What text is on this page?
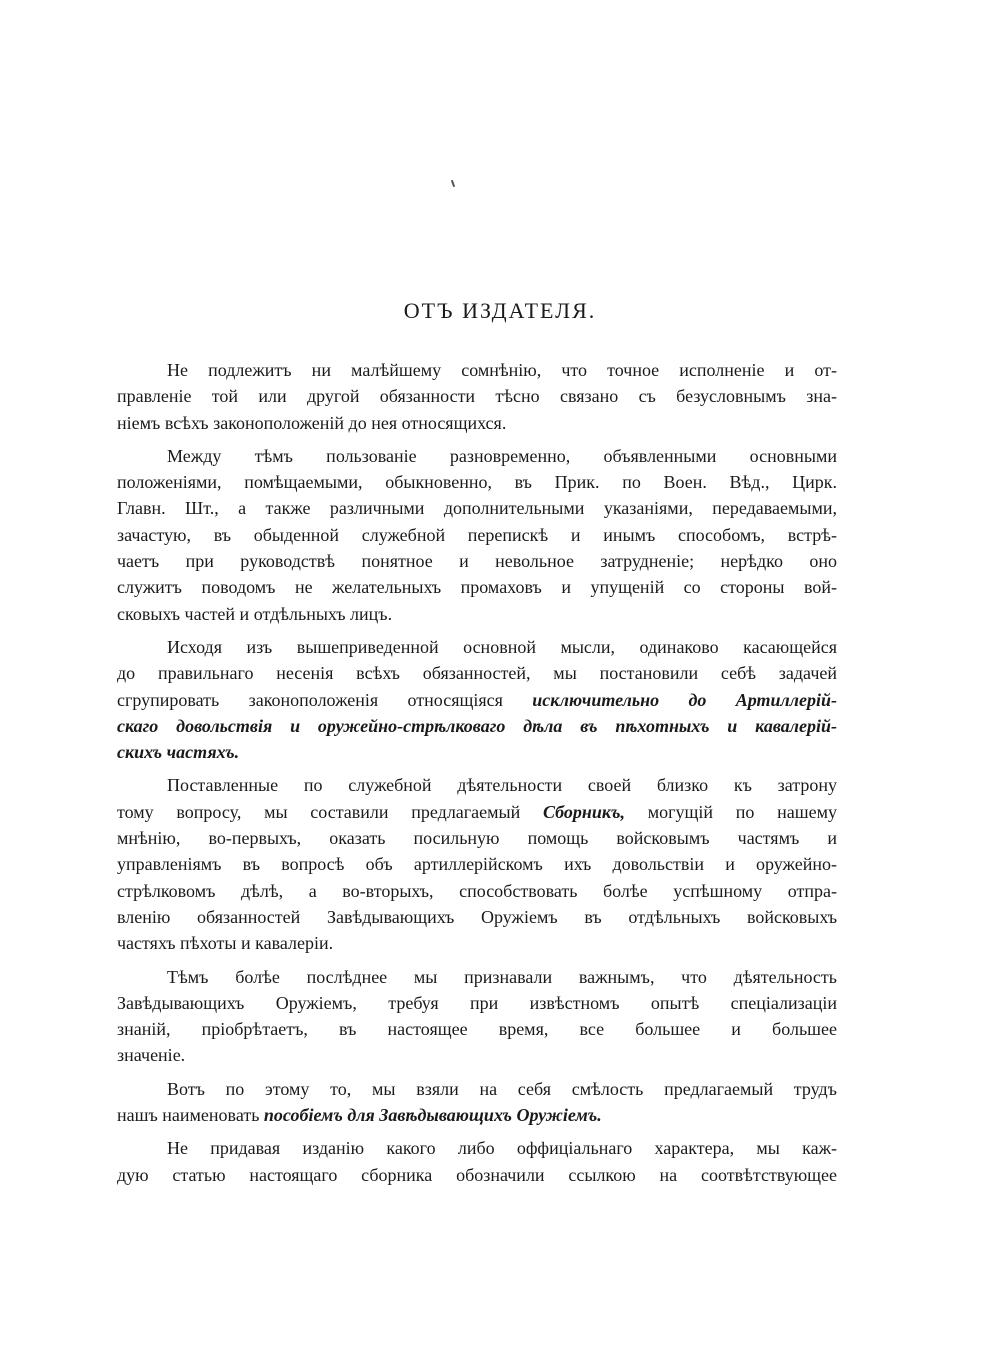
ОТЪ ИЗДАТЕЛЯ.
Не подлежитъ ни малѣйшему сомнѣнію, что точное исполненіе и от-
правленіе той или другой обязанности тѣсно связано съ безусловнымъ зна-
ніемъ всѣхъ законоположеній до нея относящихся.
Между тѣмъ пользованіе разновременно, объявленными основными
положеніями, помѣщаемыми, обыкновенно, въ Прик. по Воен. Вѣд., Цирк.
Главн. Шт., а также различными дополнительными указаніями, передаваемыми,
зачастую, въ обыденной служебной перепискѣ и инымъ способомъ, встрѣ-
чаетъ при руководствѣ понятное и невольное затрудненіе; нерѣдко оно
служитъ поводомъ не желательныхъ промаховъ и упущеній со стороны вой-
сковыхъ частей и отдѣльныхъ лицъ.
Исходя изъ вышеприведенной основной мысли, одинаково касающейся
до правильнаго несенія всѣхъ обязанностей, мы постановили себѣ задачей
сгрупировать законоположенія относящіяся исключительно до Артиллерій-
скаго довольствія и оружейно-стрѣлковаго дѣла въ пѣхотныхъ и кавалерій-
скихъ частяхъ.
Поставленные по служебной дѣятельности своей близко къ затрону
тому вопросу, мы составили предлагаемый Сборникъ, могущій по нашему
мнѣнію, во-первыхъ, оказать посильную помощь войсковымъ частямъ и
управленіямъ въ вопросѣ объ артиллерійскомъ ихъ довольствіи и оружейно-
стрѣлковомъ дѣлѣ, а во-вторыхъ, способствовать болѣе успѣшному отпра-
вленію обязанностей Завѣдывающихъ Оружіемъ въ отдѣльныхъ войсковыхъ
частяхъ пѣхоты и кавалеріи.
Тѣмъ болѣе послѣднее мы признавали важнымъ, что дѣятельность
Завѣдывающихъ Оружіемъ, требуя при извѣстномъ опытѣ спеціализаціи
знаній, пріобрѣтаетъ, въ настоящее время, все большее и большее
значеніе.
Вотъ по этому то, мы взяли на себя смѣлость предлагаемый трудъ
нашъ наименовать пособіемъ для Завѣдывающихъ Оружіемъ.
Не придавая изданію какого либо оффиціальнаго характера, мы каж-
дую статью настоящаго сборника обозначили ссылкою на соотвѣтствующее
